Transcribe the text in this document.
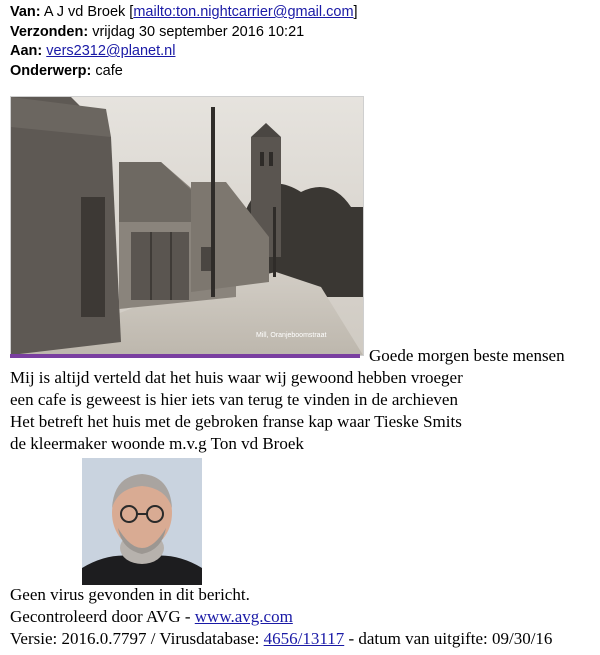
Van: A J vd Broek [mailto:ton.nightcarrier@gmail.com]
Verzonden: vrijdag 30 september 2016 10:21
Aan: vers2312@planet.nl
Onderwerp: cafe
Mill, Oranjeboomstraat
Goede morgen beste mensen
Mij is altijd verteld dat het huis waar wij gewoond hebben vroeger
een cafe is geweest is hier iets van terug te vinden in de archieven
Het betreft het huis met de gebroken franse kap waar Tieske Smits
de kleermaker woonde m.v.g Ton vd Broek
Geen virus gevonden in dit bericht.
Gecontroleerd door AVG - www.avg.com
Versie: 2016.0.7797 / Virusdatabase: 4656/13117 - datum van uitgifte: 09/30/16
